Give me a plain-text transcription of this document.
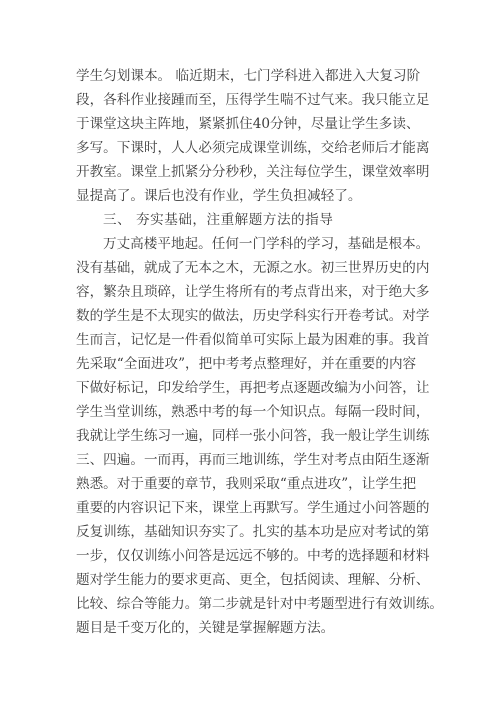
学生匀划课本。 临近期末，七门学科进入都进入大复习阶
段，各科作业接踵而至，压得学生喘不过气来。我只能立足
于课堂这块主阵地，紧紧抓住40分钟，尽量让学生多读、
多写。下课时，人人必须完成课堂训练，交给老师后才能离
开教室。课堂上抓紧分分秒秒，关注每位学生，课堂效率明
显提高了。课后也没有作业，学生负担减轻了。
三、 夯实基础，注重解题方法的指导
万丈高楼平地起。任何一门学科的学习，基础是根本。
没有基础，就成了无本之木，无源之水。初三世界历史的内
容，繁杂且琐碎，让学生将所有的考点背出来，对于绝大多
数的学生是不太现实的做法，历史学科实行开卷考试。对学
生而言，记忆是一件看似简单可实际上最为困难的事。我首
先采取“全面进攻”，把中考考点整理好，并在重要的内容
下做好标记，印发给学生，再把考点逐题改编为小问答，让
学生当堂训练，熟悉中考的每一个知识点。每隔一段时间，
我就让学生练习一遍，同样一张小问答，我一般让学生训练
三、四遍。一而再，再而三地训练，学生对考点由陌生逐渐
熟悉。对于重要的章节，我则采取“重点进攻”，让学生把
重要的内容识记下来，课堂上再默写。学生通过小问答题的
反复训练，基础知识夯实了。扎实的基本功是应对考试的第
一步，仅仅训练小问答是远远不够的。中考的选择题和材料
题对学生能力的要求更高、更全，包括阅读、理解、分析、
比较、综合等能力。第二步就是针对中考题型进行有效训练。
题目是千变万化的，关键是掌握解题方法。
